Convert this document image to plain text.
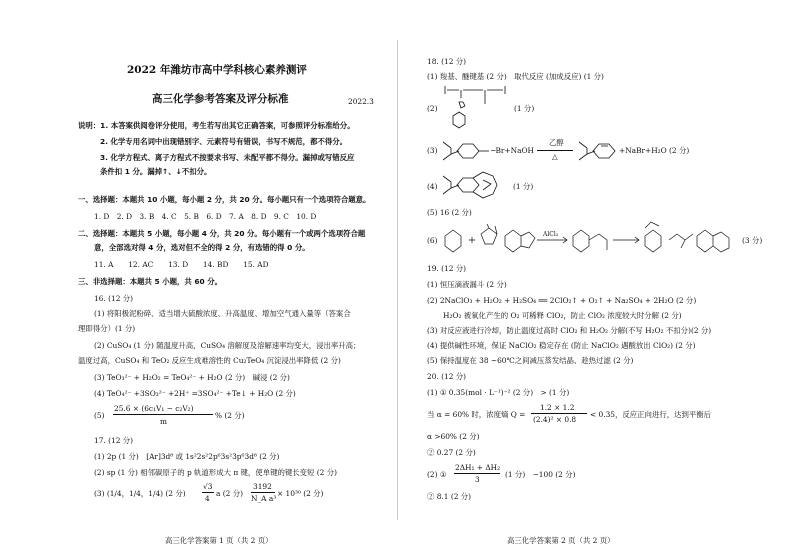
2022 年潍坊市高中学科核心素养测评
高三化学参考答案及评分标准	2022.3
说明：1. 本答案供阅卷评分使用，考生若写出其它正确答案，可参照评分标准给分。
2. 化学专用名词中出现错别字、元素符号有错误，书写不规范，都不得分。
3. 化学方程式、离子方程式不按要求书写、未配平都不得分。漏掉或写错反应
条件扣 1 分。漏掉↑、↓不扣分。
一、选择题：本题共 10 小题，每小题 2 分，共 20 分。每小题只有一个选项符合题意。
1. D　2. D　3. B　4. C　5. B　6. D　7. A　8. D　9. C　10. D
二、选择题：本题共 5 小题，每小题 4 分，共 20 分。每小题有一个或两个选项符合题
意，全部选对得 4 分，选对但不全的得 2 分，有选错的得 0 分。
11. A　　12. AC　　13. D　　14. BD　　15. AD
三、非选择题：本题共 5 小题，共 60 分。
16. (12 分)
(1) 将阳极泥粉碎、适当增大硫酸浓度、升高温度、增加空气通入量等（答案合
理即得分）(1 分)
(2) CuSO₄ (1 分) 随温度升高，CuSO₄ 溶解度及溶解速率均变大，浸出率升高；
温度过高，CuSO₄ 和 TeO₂ 反应生成难溶性的 Cu₂TeO₄ 沉淀浸出率降低 (2 分)
(3) TeO₃²⁻ + H₂O₂ = TeO₄²⁻ + H₂O (2 分)　碱浸 (2 分)
(4) TeO₄²⁻ +3SO₃²⁻ +2H⁺ =3SO₄²⁻ +Te↓ + H₂O (2 分)
(5)
25.6 × (6c₁V₁ − c₂V₂)
m
% (2 分)
17. (12 分)
(1) 2p (1 分)　[Ar]3d⁸ 或 1s²2s²2p⁶3s²3p⁶3d⁸ (2 分)
(2) sp (1 分) 相邻碳原子的 p 轨道形成大 π 键，使单键的键长变短 (2 分)
(3) (1/4，1/4，1/4) (2 分)
√3
4
a (2 分)
3192
N_A a³
× 10³⁰ (2 分)
高三化学答案第 1 页（共 2 页）
18. (12 分)
(1) 羧基、醚键基 (2 分)　取代反应 (加成反应) (1 分)
(2)	(1 分)
(3)	─Br+NaOH
乙醇
△
+NaBr+H₂O (2 分)
(4)	(1 分)
(5) 16 (2 分)
(6)
AlCl₃
(3 分)
19. (12 分)
(1) 恒压滴液漏斗 (2 分)
(2) 2NaClO₃ + H₂O₂ + H₂SO₄ ══ 2ClO₂↑ + O₂↑ + Na₂SO₄ + 2H₂O (2 分)
H₂O₂ 被氧化产生的 O₂ 可稀释 ClO₂，防止 ClO₂ 浓度较大时分解 (2 分)
(3) 对反应液进行冷却，防止温度过高时 ClO₂ 和 H₂O₂ 分解(不写 H₂O₂ 不扣分)(2 分)
(4) 提供碱性环境，保证 NaClO₂ 稳定存在 (防止 NaClO₂ 遇酸放出 ClO₂) (2 分)
(5) 保持温度在 38 ~60℃之间减压蒸发结晶、趁热过滤 (2 分)
20. (12 分)
(1) ① 0.35(mol · L⁻¹)⁻² (2 分)　> (1 分)
当 α = 60% 时，浓度熵 Q =
1.2 × 1.2
(2.4)² × 0.8
< 0.35，反应正向进行，达到平衡后
α >60% (2 分)
② 0.27 (2 分)
(2) ①
2ΔH₁ + ΔH₂
3
(1 分)　−100 (2 分)
② 8.1 (2 分)
高三化学答案第 2 页（共 2 页）
